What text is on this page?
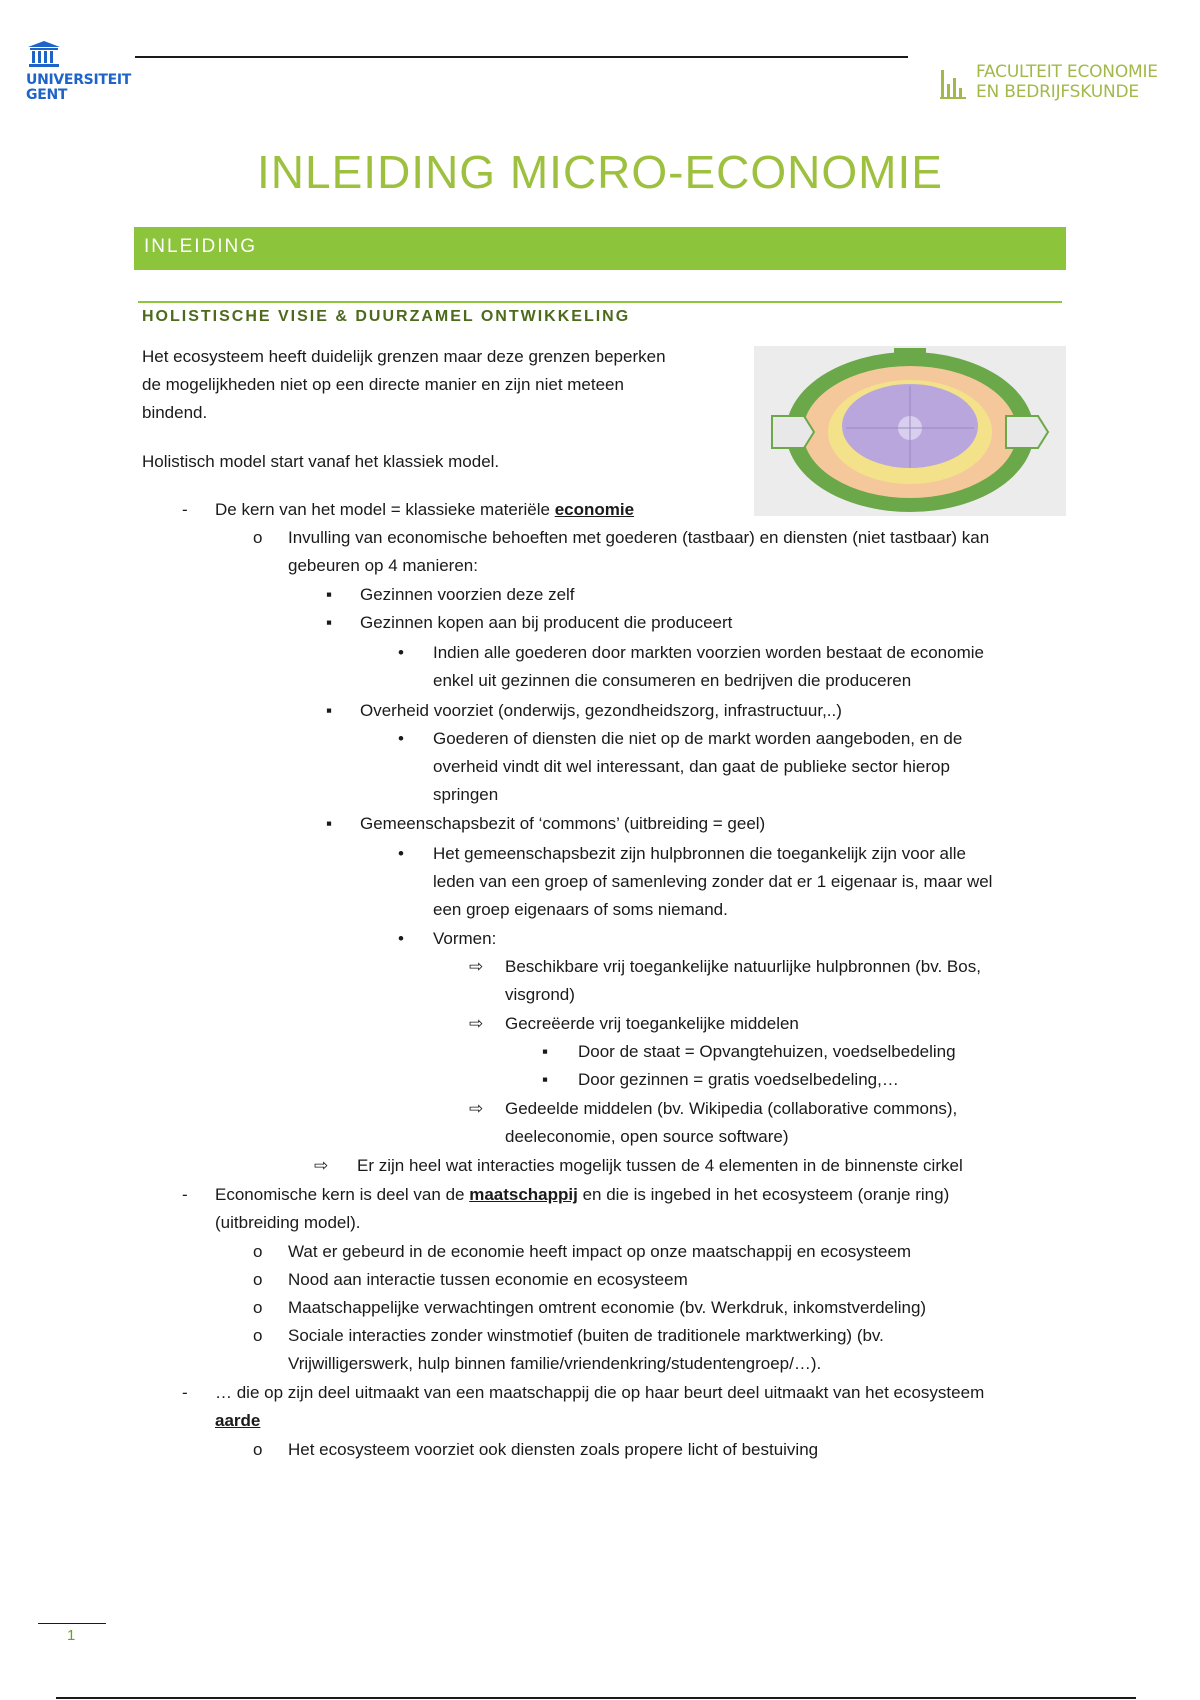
UNIVERSITEIT
GENT
FACULTEIT ECONOMIE
EN BEDRIJFSKUNDE
INLEIDING MICRO-ECONOMIE
INLEIDING
HOLISTISCHE VISIE & DUURZAMEL ONTWIKKELING
Het ecosysteem heeft duidelijk grenzen maar deze grenzen beperken
de mogelijkheden niet op een directe manier en zijn niet meteen
bindend.
Holistisch model start vanaf het klassiek model.
- De kern van het model = klassieke materiële economie
o Invulling van economische behoeften met goederen (tastbaar) en diensten (niet tastbaar) kan
gebeuren op 4 manieren:
▪ Gezinnen voorzien deze zelf
▪ Gezinnen kopen aan bij producent die produceert
• Indien alle goederen door markten voorzien worden bestaat de economie
enkel uit gezinnen die consumeren en bedrijven die produceren
▪ Overheid voorziet (onderwijs, gezondheidszorg, infrastructuur,..)
• Goederen of diensten die niet op de markt worden aangeboden, en de
overheid vindt dit wel interessant, dan gaat de publieke sector hierop
springen
▪ Gemeenschapsbezit of ‘commons’ (uitbreiding = geel)
• Het gemeenschapsbezit zijn hulpbronnen die toegankelijk zijn voor alle
leden van een groep of samenleving zonder dat er 1 eigenaar is, maar wel
een groep eigenaars of soms niemand.
• Vormen:
⇨ Beschikbare vrij toegankelijke natuurlijke hulpbronnen (bv. Bos,
visgrond)
⇨ Gecreëerde vrij toegankelijke middelen
▪ Door de staat = Opvangtehuizen, voedselbedeling
▪ Door gezinnen = gratis voedselbedeling,…
⇨ Gedeelde middelen (bv. Wikipedia (collaborative commons),
deeleconomie, open source software)
⇨ Er zijn heel wat interacties mogelijk tussen de 4 elementen in de binnenste cirkel
- Economische kern is deel van de maatschappij en die is ingebed in het ecosysteem (oranje ring)
(uitbreiding model).
o Wat er gebeurd in de economie heeft impact op onze maatschappij en ecosysteem
o Nood aan interactie tussen economie en ecosysteem
o Maatschappelijke verwachtingen omtrent economie (bv. Werkdruk, inkomstverdeling)
o Sociale interacties zonder winstmotief (buiten de traditionele marktwerking) (bv.
Vrijwilligerswerk, hulp binnen familie/vriendenkring/studentengroep/…).
- … die op zijn deel uitmaakt van een maatschappij die op haar beurt deel uitmaakt van het ecosysteem
aarde
o Het ecosysteem voorziet ook diensten zoals propere licht of bestuiving
1
